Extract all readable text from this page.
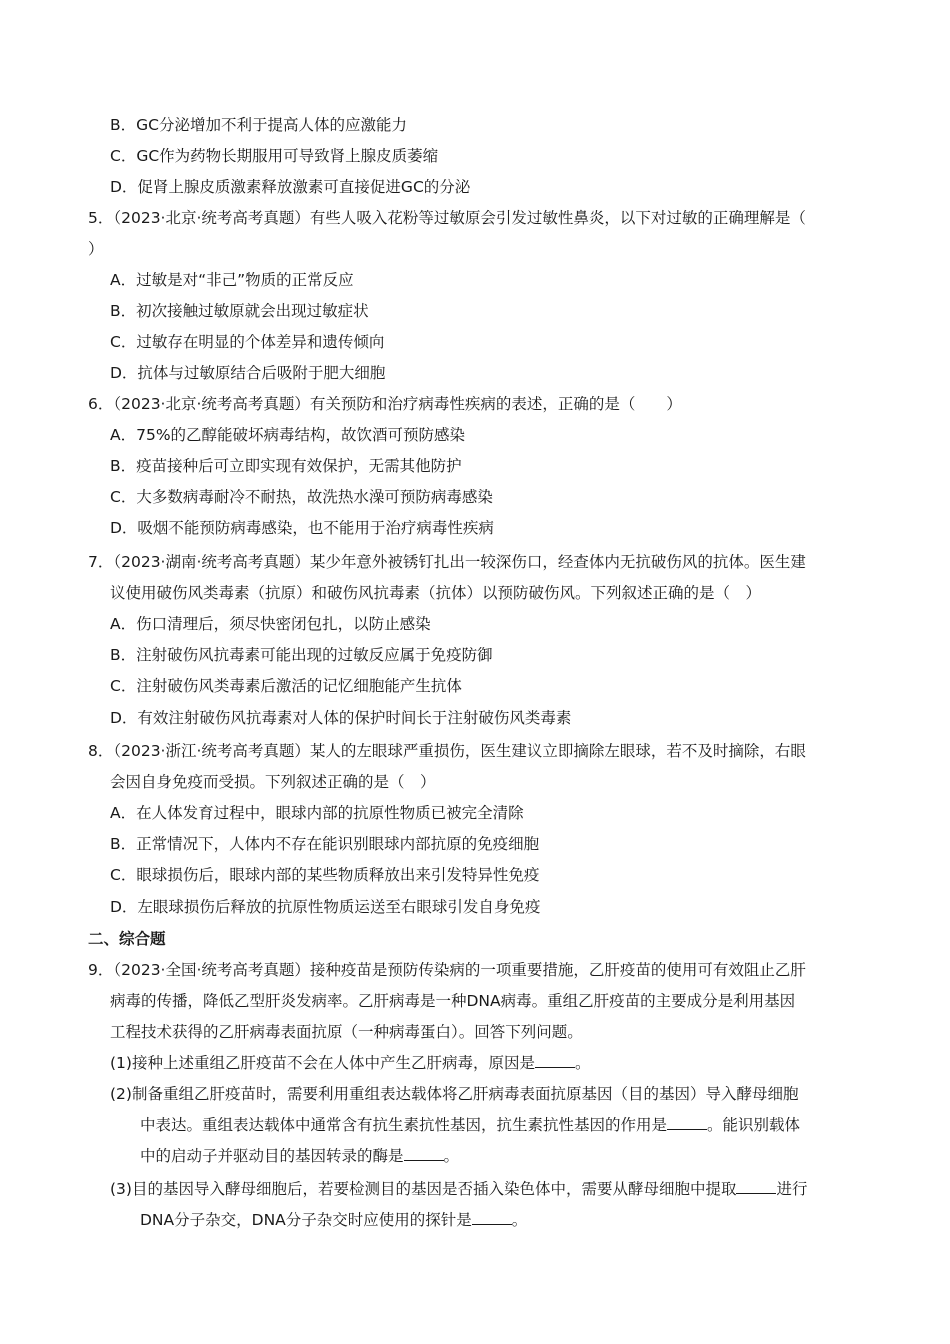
B．GC分泌增加不利于提高人体的应激能力
C．GC作为药物长期服用可导致肾上腺皮质萎缩
D．促肾上腺皮质激素释放激素可直接促进GC的分泌
5．（2023·北京·统考高考真题）有些人吸入花粉等过敏原会引发过敏性鼻炎，以下对过敏的正确理解是（
）
A．过敏是对“非己”物质的正常反应
B．初次接触过敏原就会出现过敏症状
C．过敏存在明显的个体差异和遗传倾向
D．抗体与过敏原结合后吸附于肥大细胞
6．（2023·北京·统考高考真题）有关预防和治疗病毒性疾病的表述，正确的是（　　）
A．75%的乙醇能破坏病毒结构，故饮酒可预防感染
B．疫苗接种后可立即实现有效保护，无需其他防护
C．大多数病毒耐冷不耐热，故洗热水澡可预防病毒感染
D．吸烟不能预防病毒感染，也不能用于治疗病毒性疾病
7．（2023·湖南·统考高考真题）某少年意外被锈钉扎出一较深伤口，经查体内无抗破伤风的抗体。医生建
议使用破伤风类毒素（抗原）和破伤风抗毒素（抗体）以预防破伤风。下列叙述正确的是（　）
A．伤口清理后，须尽快密闭包扎，以防止感染
B．注射破伤风抗毒素可能出现的过敏反应属于免疫防御
C．注射破伤风类毒素后激活的记忆细胞能产生抗体
D．有效注射破伤风抗毒素对人体的保护时间长于注射破伤风类毒素
8．（2023·浙江·统考高考真题）某人的左眼球严重损伤，医生建议立即摘除左眼球，若不及时摘除，右眼
会因自身免疫而受损。下列叙述正确的是（　）
A．在人体发育过程中，眼球内部的抗原性物质已被完全清除
B．正常情况下，人体内不存在能识别眼球内部抗原的免疫细胞
C．眼球损伤后，眼球内部的某些物质释放出来引发特异性免疫
D．左眼球损伤后释放的抗原性物质运送至右眼球引发自身免疫
二、综合题
9．（2023·全国·统考高考真题）接种疫苗是预防传染病的一项重要措施，乙肝疫苗的使用可有效阻止乙肝
病毒的传播，降低乙型肝炎发病率。乙肝病毒是一种DNA病毒。重组乙肝疫苗的主要成分是利用基因
工程技术获得的乙肝病毒表面抗原（一种病毒蛋白）。回答下列问题。
(1)接种上述重组乙肝疫苗不会在人体中产生乙肝病毒，原因是	。
(2)制备重组乙肝疫苗时，需要利用重组表达载体将乙肝病毒表面抗原基因（目的基因）导入酵母细胞
中表达。重组表达载体中通常含有抗生素抗性基因，抗生素抗性基因的作用是	。能识别载体
中的启动子并驱动目的基因转录的酶是	。
(3)目的基因导入酵母细胞后，若要检测目的基因是否插入染色体中，需要从酵母细胞中提取	进行
DNA分子杂交，DNA分子杂交时应使用的探针是	。
